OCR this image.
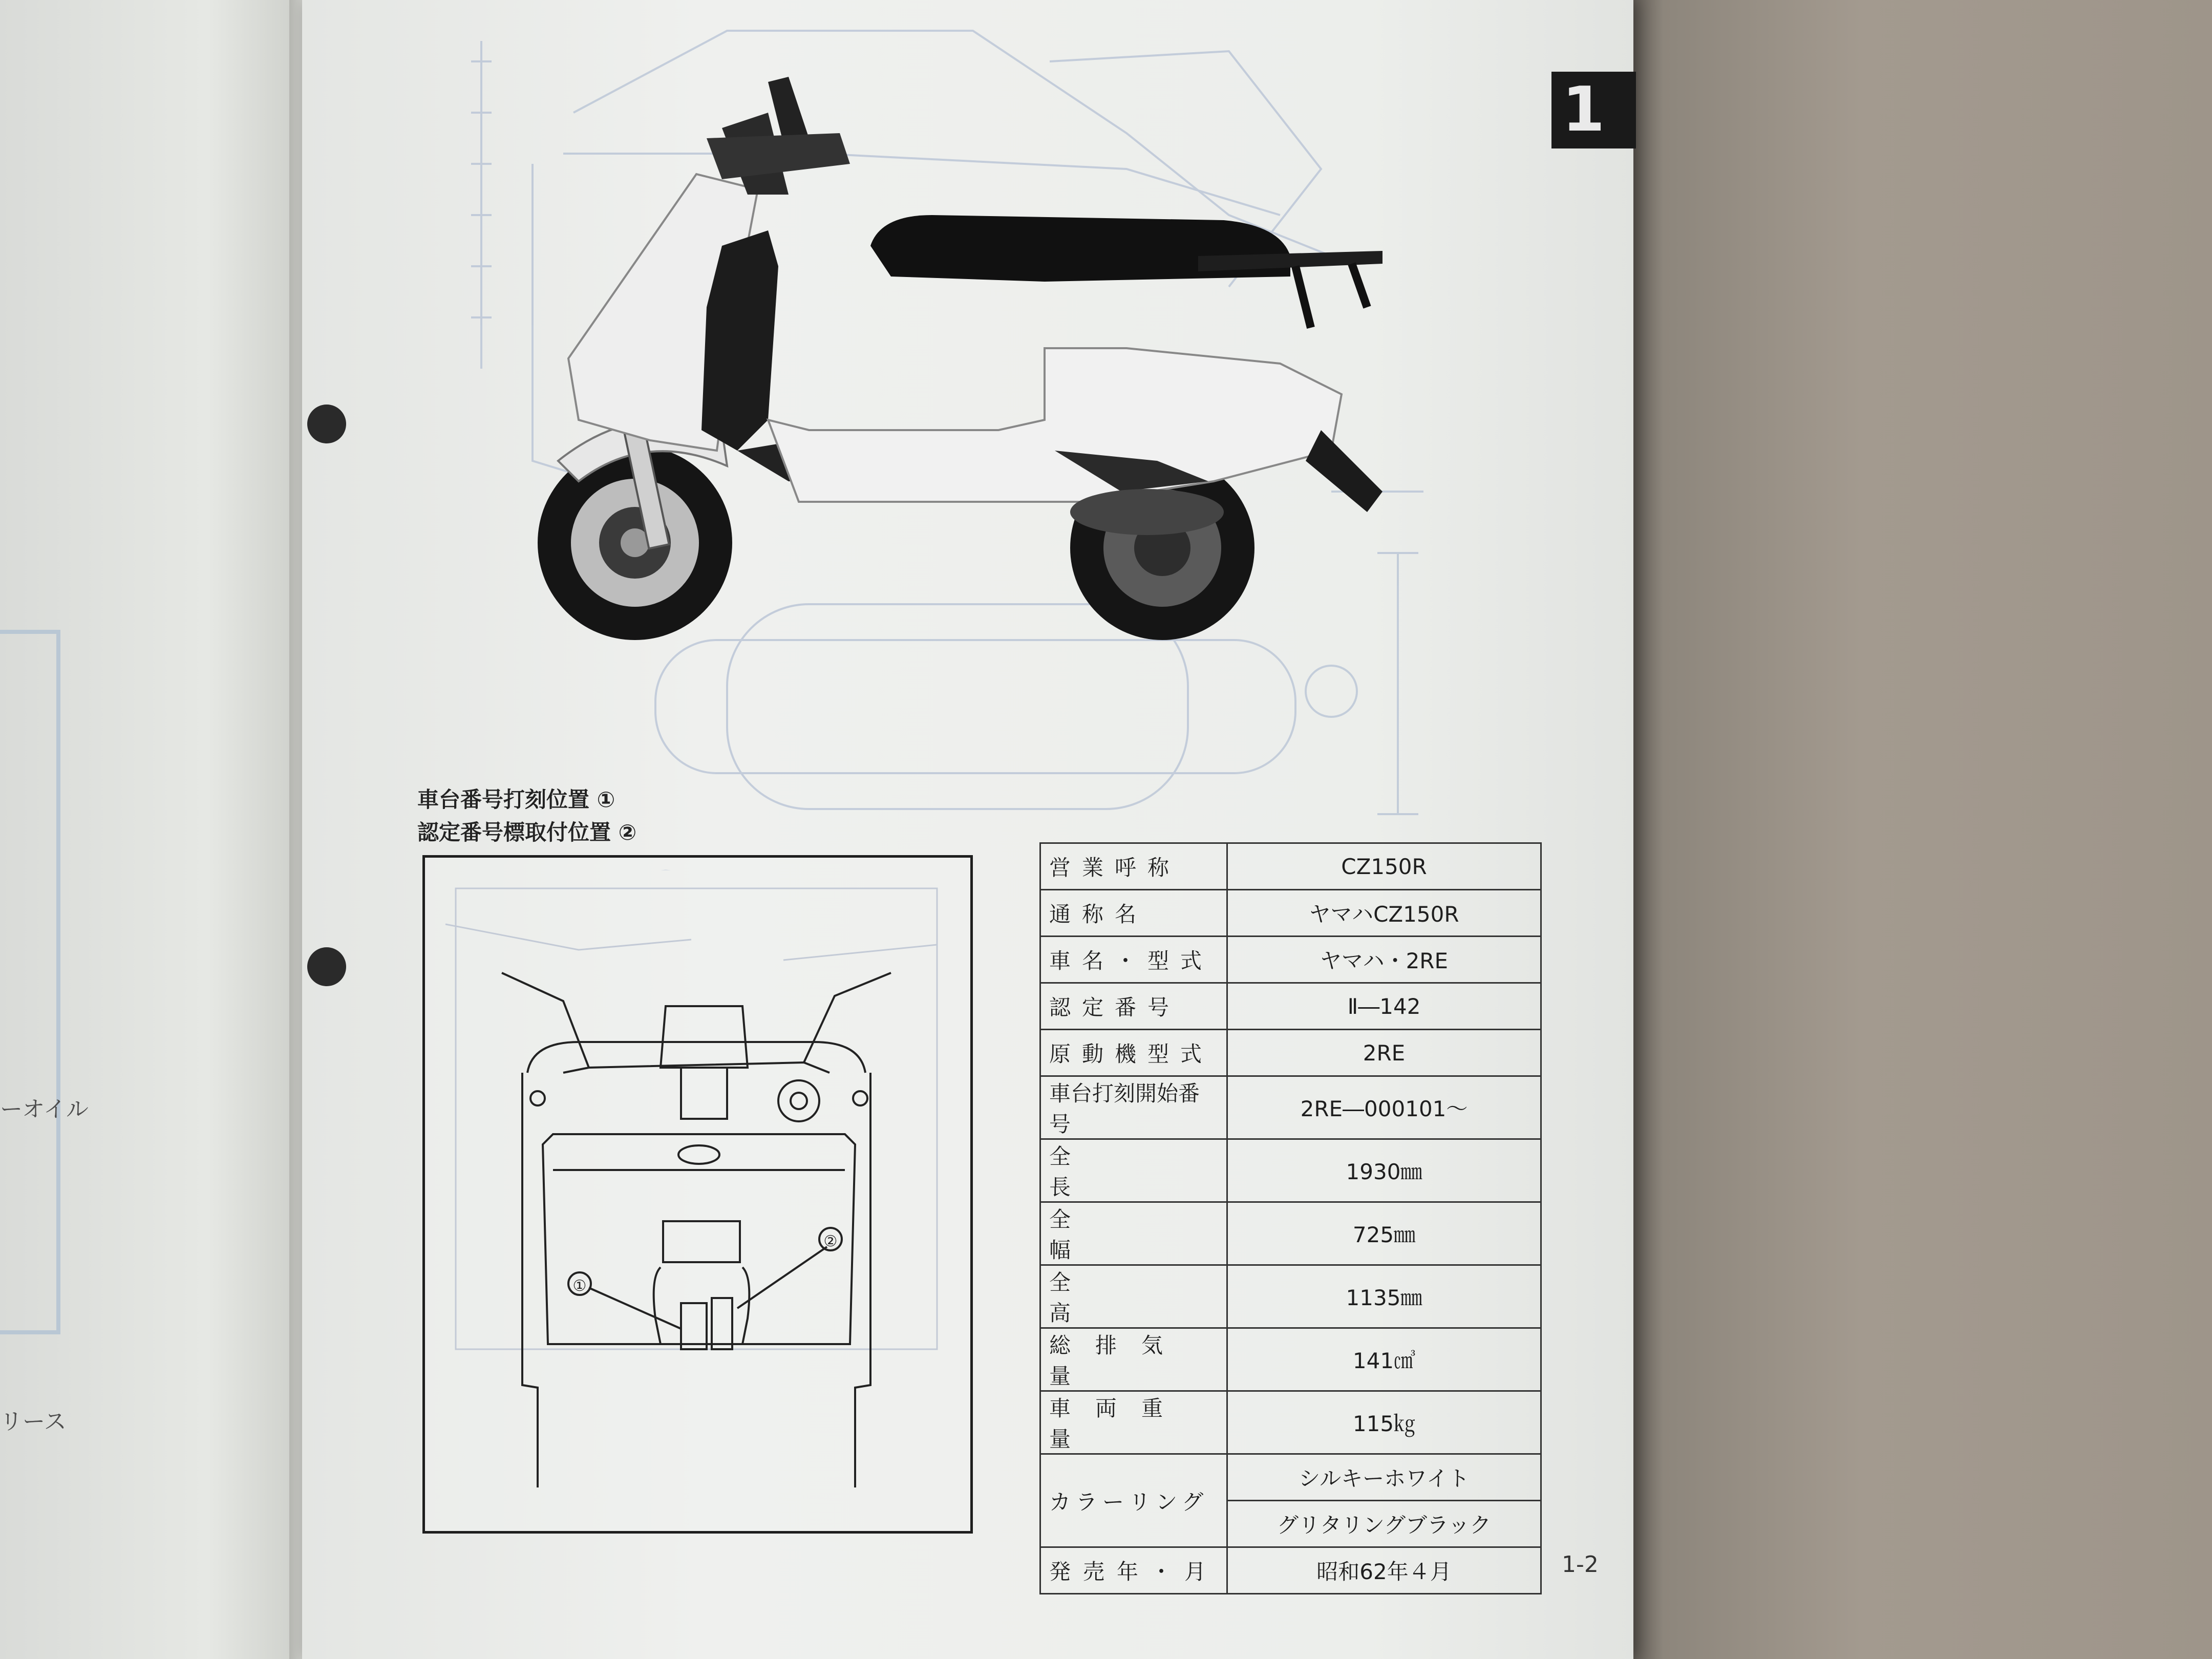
ーオイル
リース
1
車台番号打刻位置 ①
認定番号標取付位置 ②
①
②
営業呼称	CZ150R
通称名	ヤマハCZ150R
車名・型式	ヤマハ・2RE
認定番号	Ⅱ―142
原動機型式	2RE
車台打刻開始番号	2RE―000101～
全長	1930㎜
全幅	725㎜
全高	1135㎜
総排気量	141㎤
車両重量	115㎏
カラーリング	シルキーホワイト
	グリタリングブラック
発売年・月	昭和62年４月	1-2
